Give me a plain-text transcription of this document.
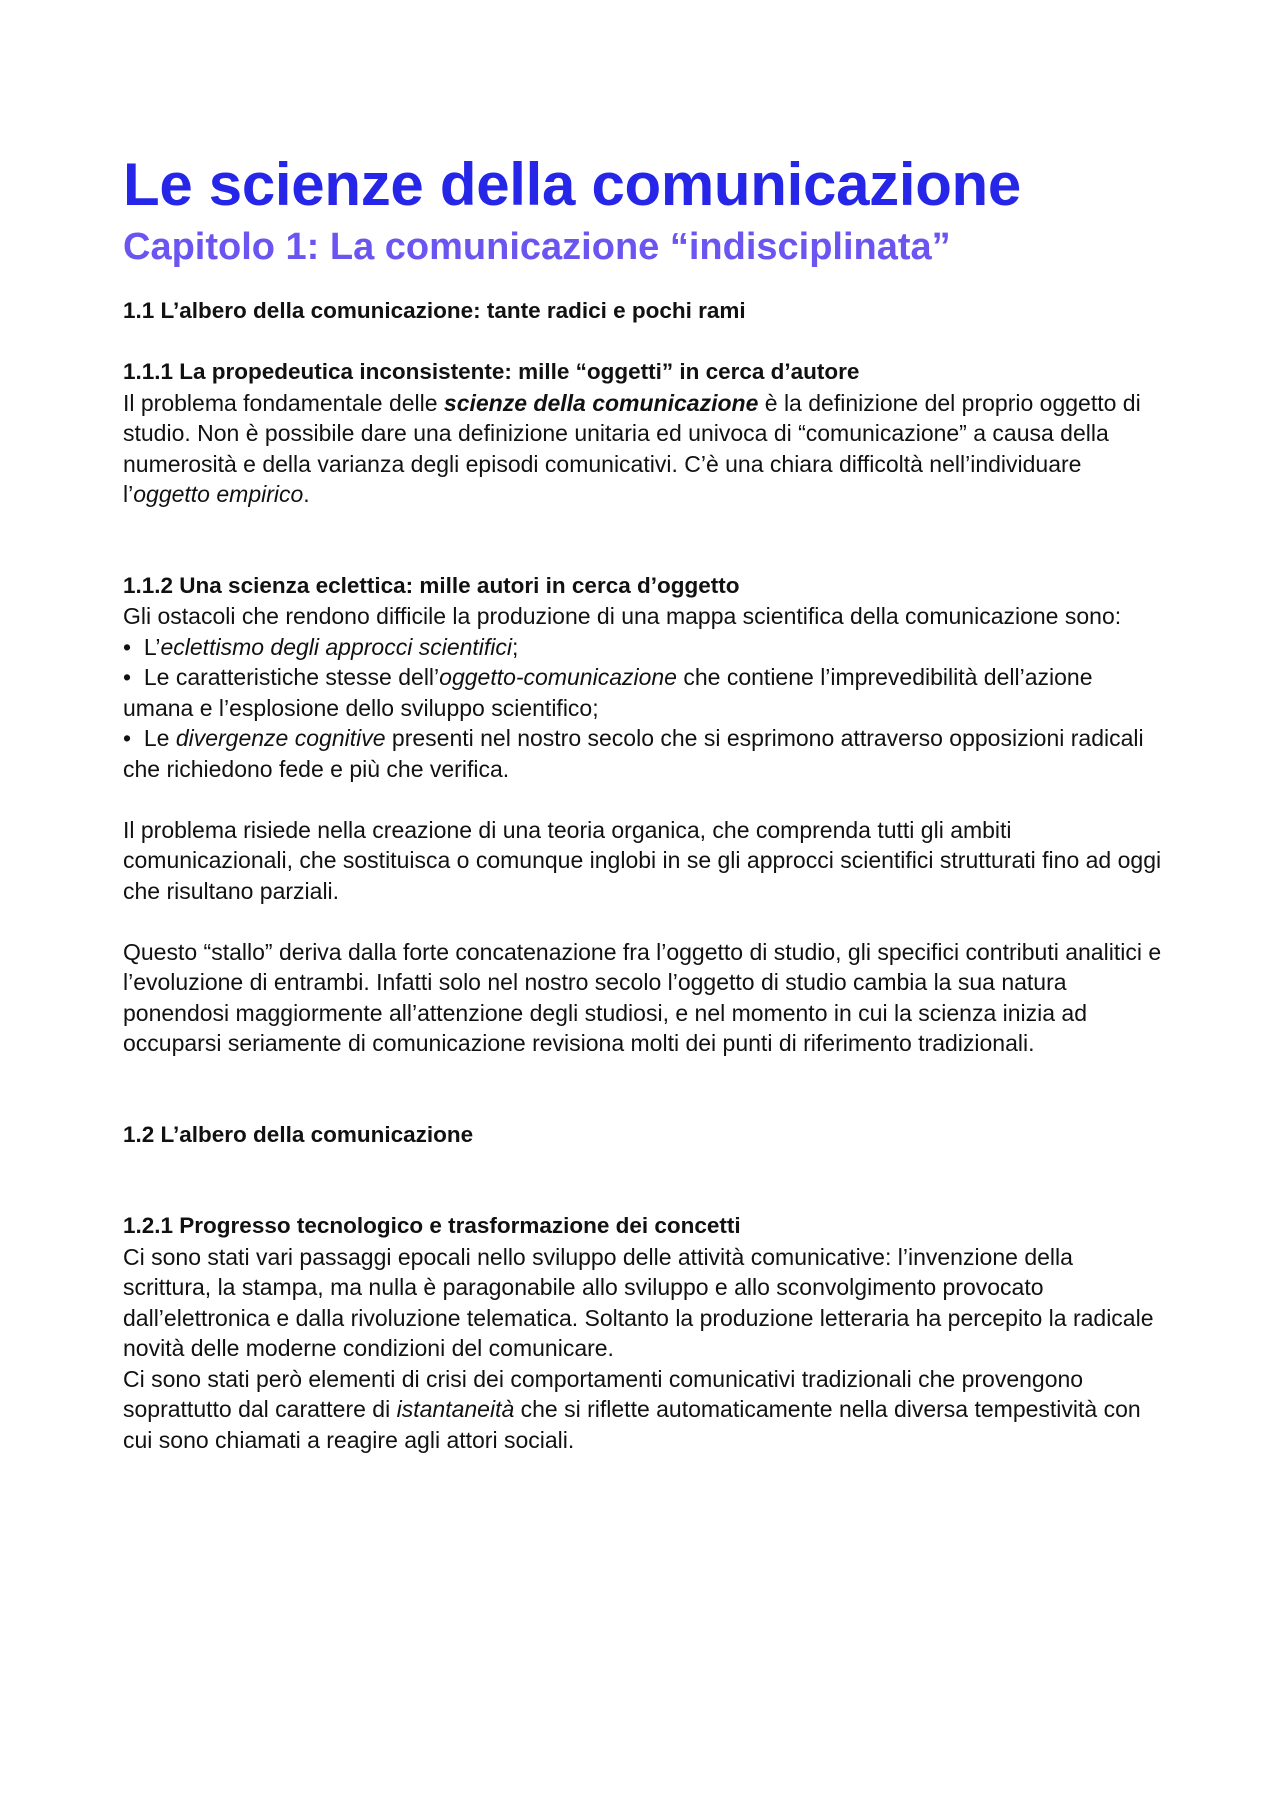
Le scienze della comunicazione
Capitolo 1: La comunicazione “indisciplinata”

1.1 L’albero della comunicazione: tante radici e pochi rami

1.1.1 La propedeutica inconsistente: mille “oggetti” in cerca d’autore

Il problema fondamentale delle scienze della comunicazione è la definizione del proprio oggetto di studio. Non è possibile dare una definizione unitaria ed univoca di “comunicazione” a causa della numerosità e della varianza degli episodi comunicativi. C’è una chiara difficoltà nell’individuare l’oggetto empirico.

1.1.2 Una scienza eclettica: mille autori in cerca d’oggetto

Gli ostacoli che rendono difficile la produzione di una mappa scientifica della comunicazione sono:

•  L’eclettismo degli approcci scientifici;
•  Le caratteristiche stesse dell’oggetto-comunicazione che contiene l’imprevedibilità dell’azione umana e l’esplosione dello sviluppo scientifico;
•  Le divergenze cognitive presenti nel nostro secolo che si esprimono attraverso opposizioni radicali che richiedono fede e più che verifica.

Il problema risiede nella creazione di una teoria organica, che comprenda tutti gli ambiti comunicazionali, che sostituisca o comunque inglobi in se gli approcci scientifici strutturati fino ad oggi che risultano parziali.

Questo “stallo” deriva dalla forte concatenazione fra l’oggetto di studio, gli specifici contributi analitici e l’evoluzione di entrambi. Infatti solo nel nostro secolo l’oggetto di studio cambia la sua natura ponendosi maggiormente all’attenzione degli studiosi, e nel momento in cui la scienza inizia ad occuparsi seriamente di comunicazione revisiona molti dei punti di riferimento tradizionali.

1.2 L’albero della comunicazione

1.2.1 Progresso tecnologico e trasformazione dei concetti

Ci sono stati vari passaggi epocali nello sviluppo delle attività comunicative: l’invenzione della scrittura, la stampa, ma nulla è paragonabile allo sviluppo e allo sconvolgimento provocato dall’elettronica e dalla rivoluzione telematica. Soltanto la produzione letteraria ha percepito la radicale novità delle moderne condizioni del comunicare.

Ci sono stati però elementi di crisi dei comportamenti comunicativi tradizionali che provengono soprattutto dal carattere di istantaneità che si riflette automaticamente nella diversa tempestività con cui sono chiamati a reagire agli attori sociali.
